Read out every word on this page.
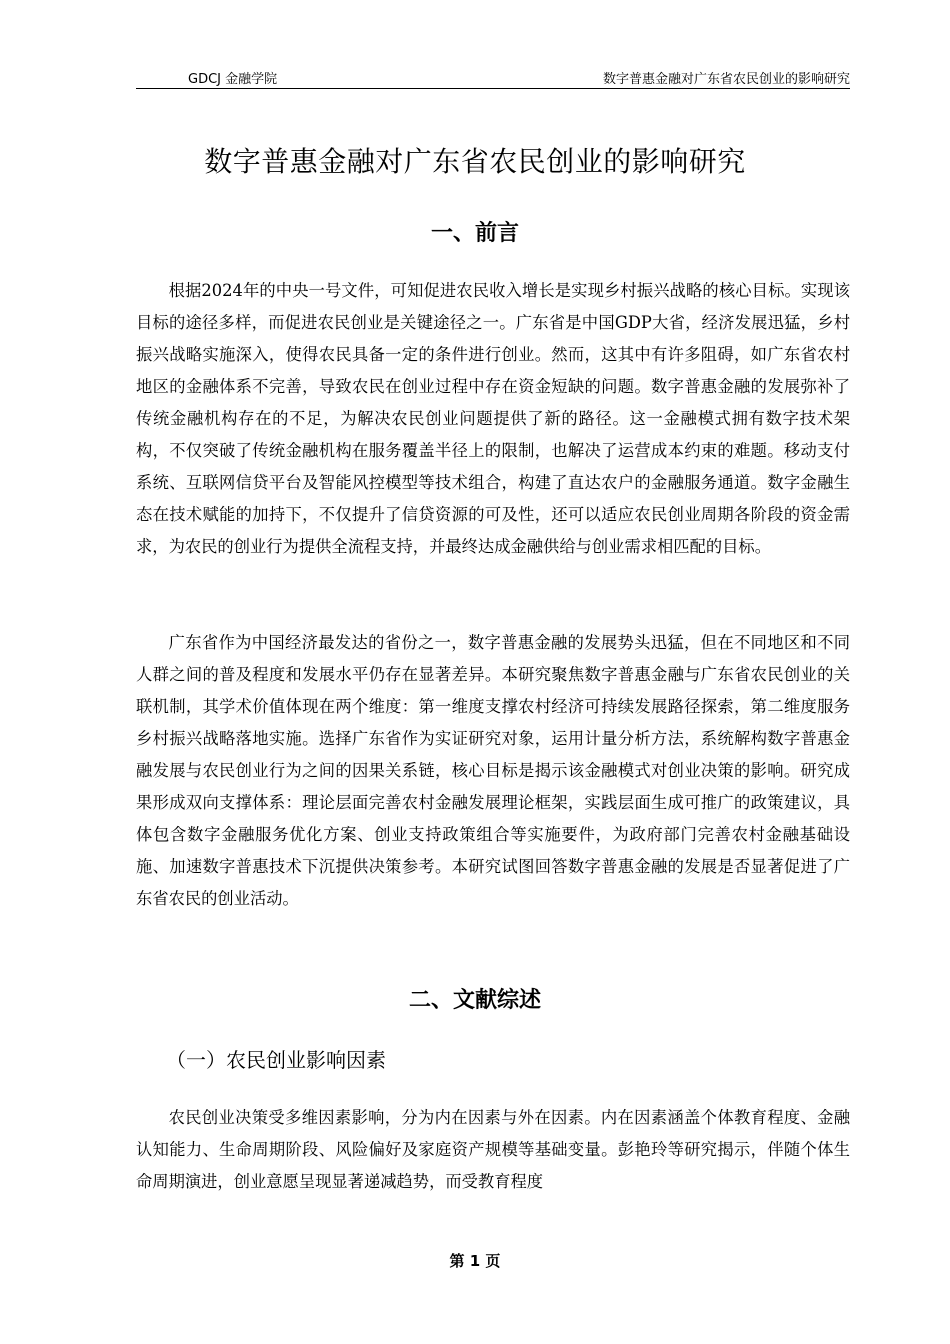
GDCJ 金融学院	数字普惠金融对广东省农民创业的影响研究
数字普惠金融对广东省农民创业的影响研究
一、前言

根据2024年的中央一号文件，可知促进农民收入增长是实现乡村振兴战略的核心目标。实现该目标的途径多样，而促进农民创业是关键途径之一。广东省是中国GDP大省，经济发展迅猛，乡村振兴战略实施深入，使得农民具备一定的条件进行创业。然而，这其中有许多阻碍，如广东省农村地区的金融体系不完善，导致农民在创业过程中存在资金短缺的问题。数字普惠金融的发展弥补了传统金融机构存在的不足，为解决农民创业问题提供了新的路径。这一金融模式拥有数字技术架构，不仅突破了传统金融机构在服务覆盖半径上的限制，也解决了运营成本约束的难题。移动支付系统、互联网信贷平台及智能风控模型等技术组合，构建了直达农户的金融服务通道。数字金融生态在技术赋能的加持下，不仅提升了信贷资源的可及性，还可以适应农民创业周期各阶段的资金需求，为农民的创业行为提供全流程支持，并最终达成金融供给与创业需求相匹配的目标。

广东省作为中国经济最发达的省份之一，数字普惠金融的发展势头迅猛，但在不同地区和不同人群之间的普及程度和发展水平仍存在显著差异。本研究聚焦数字普惠金融与广东省农民创业的关联机制，其学术价值体现在两个维度：第一维度支撑农村经济可持续发展路径探索，第二维度服务乡村振兴战略落地实施。选择广东省作为实证研究对象，运用计量分析方法，系统解构数字普惠金融发展与农民创业行为之间的因果关系链，核心目标是揭示该金融模式对创业决策的影响。研究成果形成双向支撑体系：理论层面完善农村金融发展理论框架，实践层面生成可推广的政策建议，具体包含数字金融服务优化方案、创业支持政策组合等实施要件，为政府部门完善农村金融基础设施、加速数字普惠技术下沉提供决策参考。本研究试图回答数字普惠金融的发展是否显著促进了广东省农民的创业活动。

二、文献综述
（一）农民创业影响因素

农民创业决策受多维因素影响，分为内在因素与外在因素。内在因素涵盖个体教育程度、金融认知能力、生命周期阶段、风险偏好及家庭资产规模等基础变量。彭艳玲等研究揭示，伴随个体生命周期演进，创业意愿呈现显著递减趋势，而受教育程度

第 1 页
